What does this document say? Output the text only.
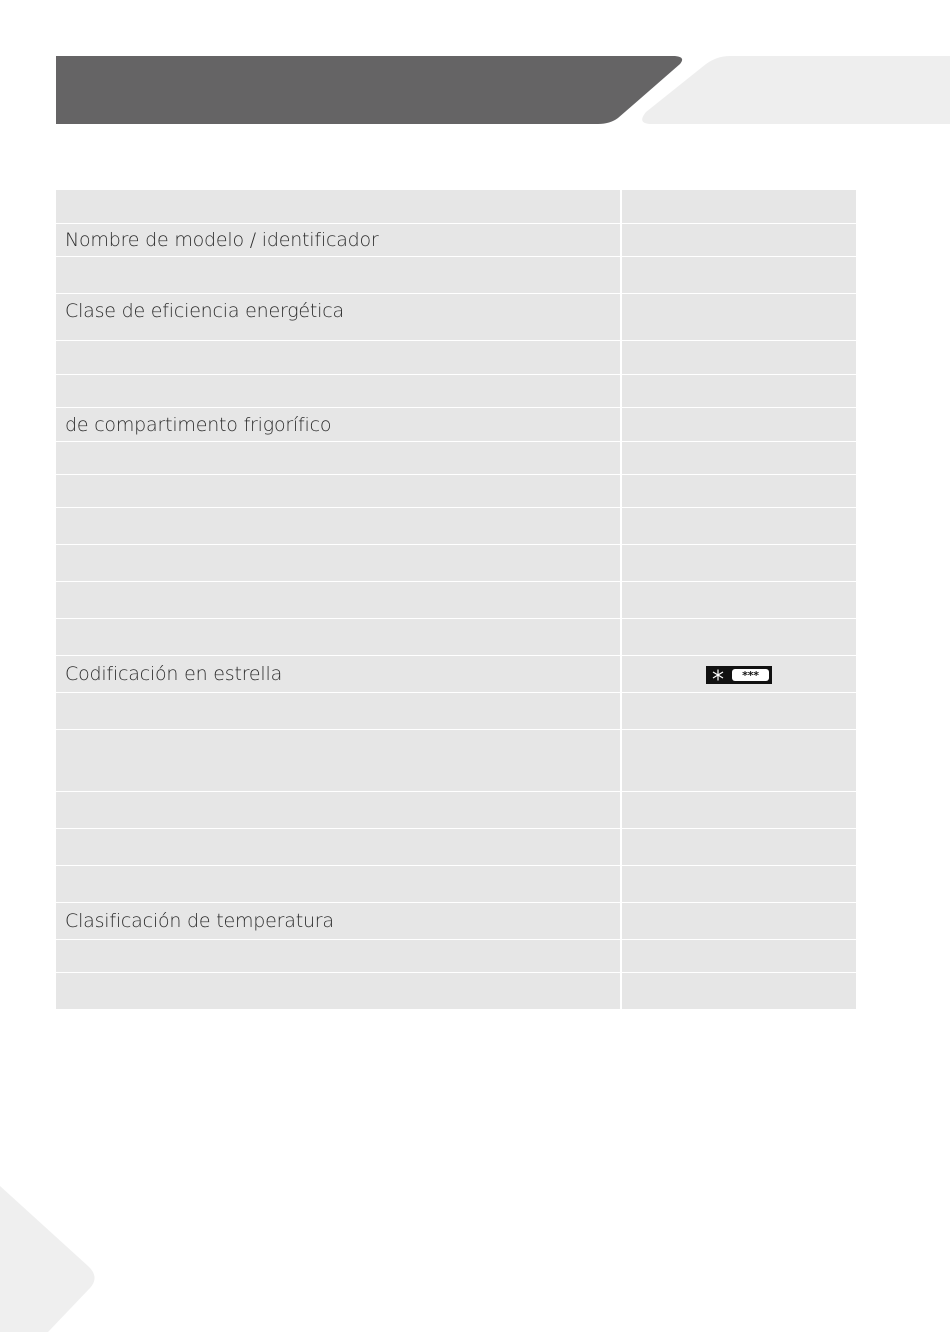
Nombre de modelo / identificador	

Clase de eficiencia energética	

de compartimento frigorífico	

Codificación en estrella	***

Clasificación de temperatura	
